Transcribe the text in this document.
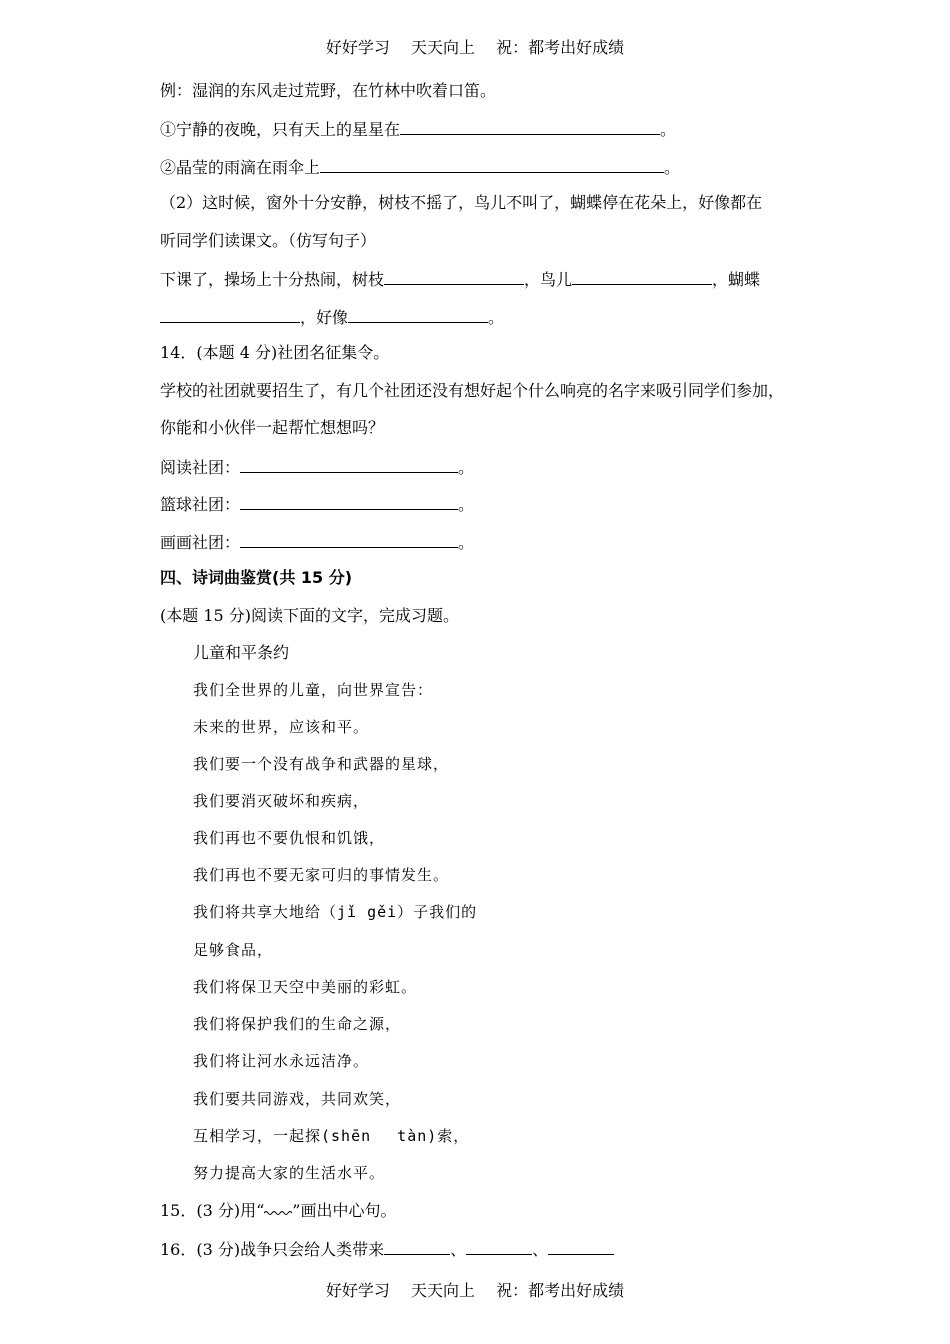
好好学习 天天向上 祝：都考出好成绩
例：湿润的东风走过荒野，在竹林中吹着口笛。
①宁静的夜晚，只有天上的星星在	。
②晶莹的雨滴在雨伞上	。
（2）这时候，窗外十分安静，树枝不摇了，鸟儿不叫了，蝴蝶停在花朵上，好像都在
听同学们读课文。（仿写句子）
下课了，操场上十分热闹，树枝	，鸟儿	，蝴蝶
，好像	。
14．(本题 4 分)社团名征集令。
学校的社团就要招生了，有几个社团还没有想好起个什么响亮的名字来吸引同学们参加，
你能和小伙伴一起帮忙想想吗？
阅读社团：	。
篮球社团：	。
画画社团：	。
四、诗词曲鉴赏(共 15 分)
(本题 15 分)阅读下面的文字，完成习题。
儿童和平条约
我们全世界的儿童，向世界宣告：
未来的世界，应该和平。
我们要一个没有战争和武器的星球，
我们要消灭破坏和疾病，
我们再也不要仇恨和饥饿，
我们再也不要无家可归的事情发生。
我们将共享大地给（jǐ gěi）子我们的
足够食品，
我们将保卫天空中美丽的彩虹。
我们将保护我们的生命之源，
我们将让河水永远洁净。
我们要共同游戏，共同欢笑，
互相学习，一起探(shēn　 tàn)索，
努力提高大家的生活水平。
15．(3 分)用“ ”画出中心句。
16．(3 分)战争只会给人类带来	、	、
好好学习 天天向上 祝：都考出好成绩
